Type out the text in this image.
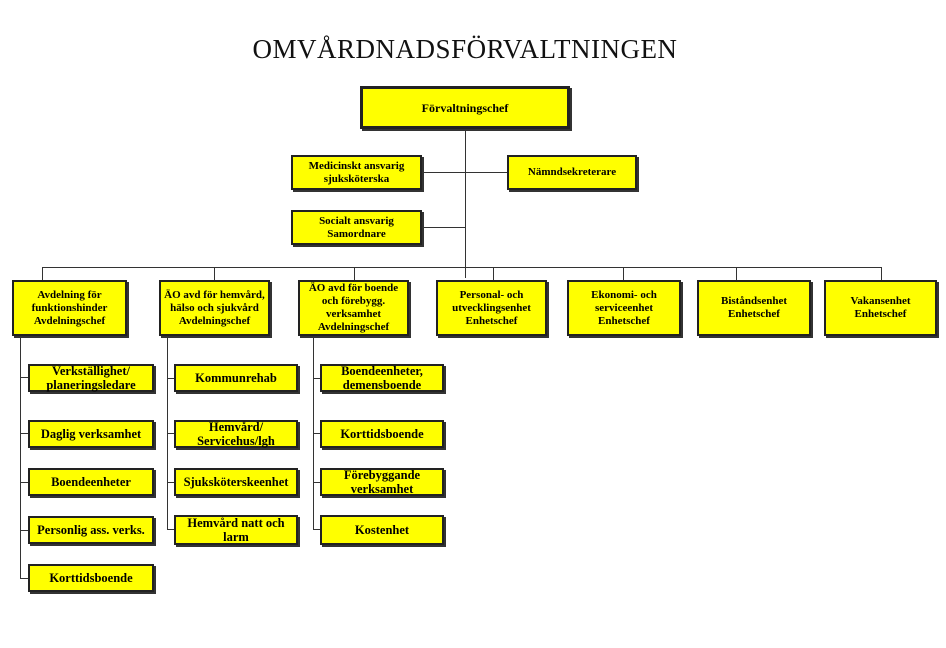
OMVÅRDNADSFÖRVALTNINGEN
Förvaltningschef
Medicinskt ansvarig sjuksköterska
Nämndsekreterare
Socialt ansvarig Samordnare
Avdelning för funktionshinder Avdelningschef
ÄO avd för hemvård, hälso och sjukvård Avdelningschef
ÄO avd för boende och förebygg. verksamhet Avdelningschef
Personal- och utvecklingsenhet Enhetschef
Ekonomi- och serviceenhet Enhetschef
Biståndsenhet Enhetschef
Vakansenhet Enhetschef
Verkställighet/ planeringsledare
Daglig verksamhet
Boendeenheter
Personlig ass. verks.
Korttidsboende
Kommunrehab
Hemvård/ Servicehus/lgh
Sjuksköterskeenhet
Hemvård natt och larm
Boendeenheter, demensboende
Korttidsboende
Förebyggande verksamhet
Kostenhet
